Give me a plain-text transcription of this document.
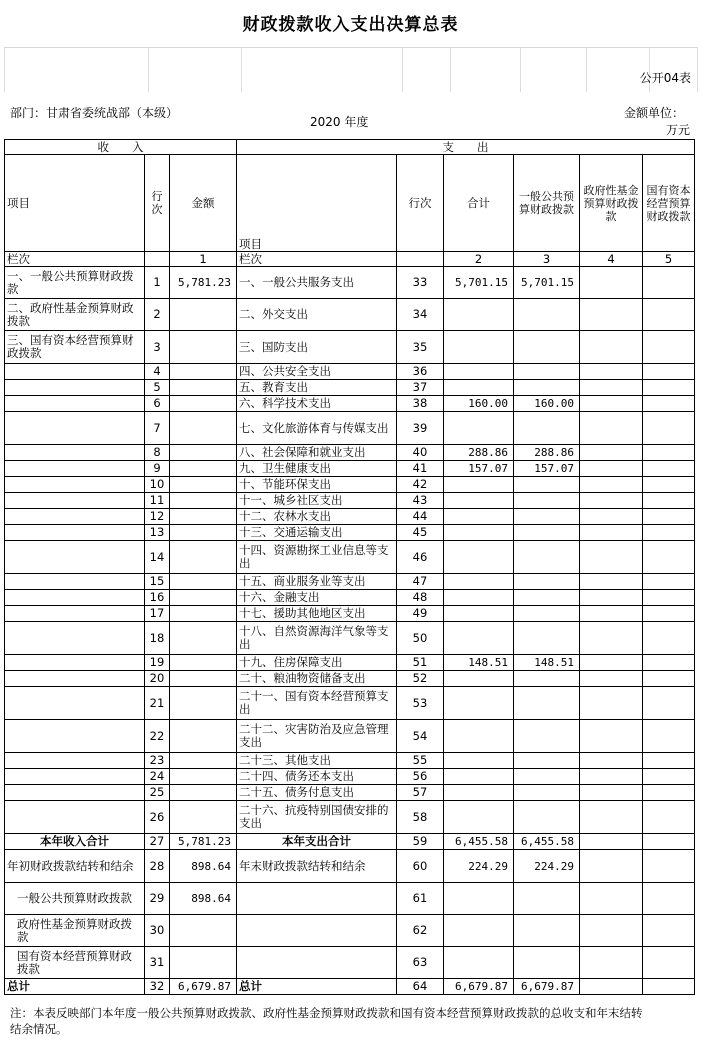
财政拨款收入支出决算总表
公开04表
部门：甘肃省委统战部（本级）
2020 年度
金额单位：
万元
收　　入			支　　出					
项目	行次	金额	项目	行次	合计	一般公共预算财政拨款	政府性基金预算财政拨款	国有资本经营预算财政拨款
栏次		1	栏次		2	3	4	5
一、一般公共预算财政拨款	1	5,781.23	一、一般公共服务支出	33	5,701.15	5,701.15		
二、政府性基金预算财政拨款	2		二、外交支出	34				
三、国有资本经营预算财政拨款	3		三、国防支出	35				
	4		四、公共安全支出	36				
	5		五、教育支出	37				
	6		六、科学技术支出	38	160.00	160.00		
	7		七、文化旅游体育与传媒支出	39				
	8		八、社会保障和就业支出	40	288.86	288.86		
	9		九、卫生健康支出	41	157.07	157.07		
	10		十、节能环保支出	42				
	11		十一、城乡社区支出	43				
	12		十二、农林水支出	44				
	13		十三、交通运输支出	45				
	14		十四、资源勘探工业信息等支出	46				
	15		十五、商业服务业等支出	47				
	16		十六、金融支出	48				
	17		十七、援助其他地区支出	49				
	18		十八、自然资源海洋气象等支出	50				
	19		十九、住房保障支出	51	148.51	148.51		
	20		二十、粮油物资储备支出	52				
	21		二十一、国有资本经营预算支出	53				
	22		二十二、灾害防治及应急管理支出	54				
	23		二十三、其他支出	55				
	24		二十四、债务还本支出	56				
	25		二十五、债务付息支出	57				
	26		二十六、抗疫特别国债安排的支出	58				
本年收入合计	27	5,781.23	本年支出合计	59	6,455.58	6,455.58		
年初财政拨款结转和结余	28	898.64	年末财政拨款结转和结余	60	224.29	224.29		
一般公共预算财政拨款	29	898.64		61				
政府性基金预算财政拨款	30			62				
国有资本经营预算财政拨款	31			63				
总计	32	6,679.87	总计	64	6,679.87	6,679.87		
注：本表反映部门本年度一般公共预算财政拨款、政府性基金预算财政拨款和国有资本经营预算财政拨款的总收支和年末结转结余情况。
